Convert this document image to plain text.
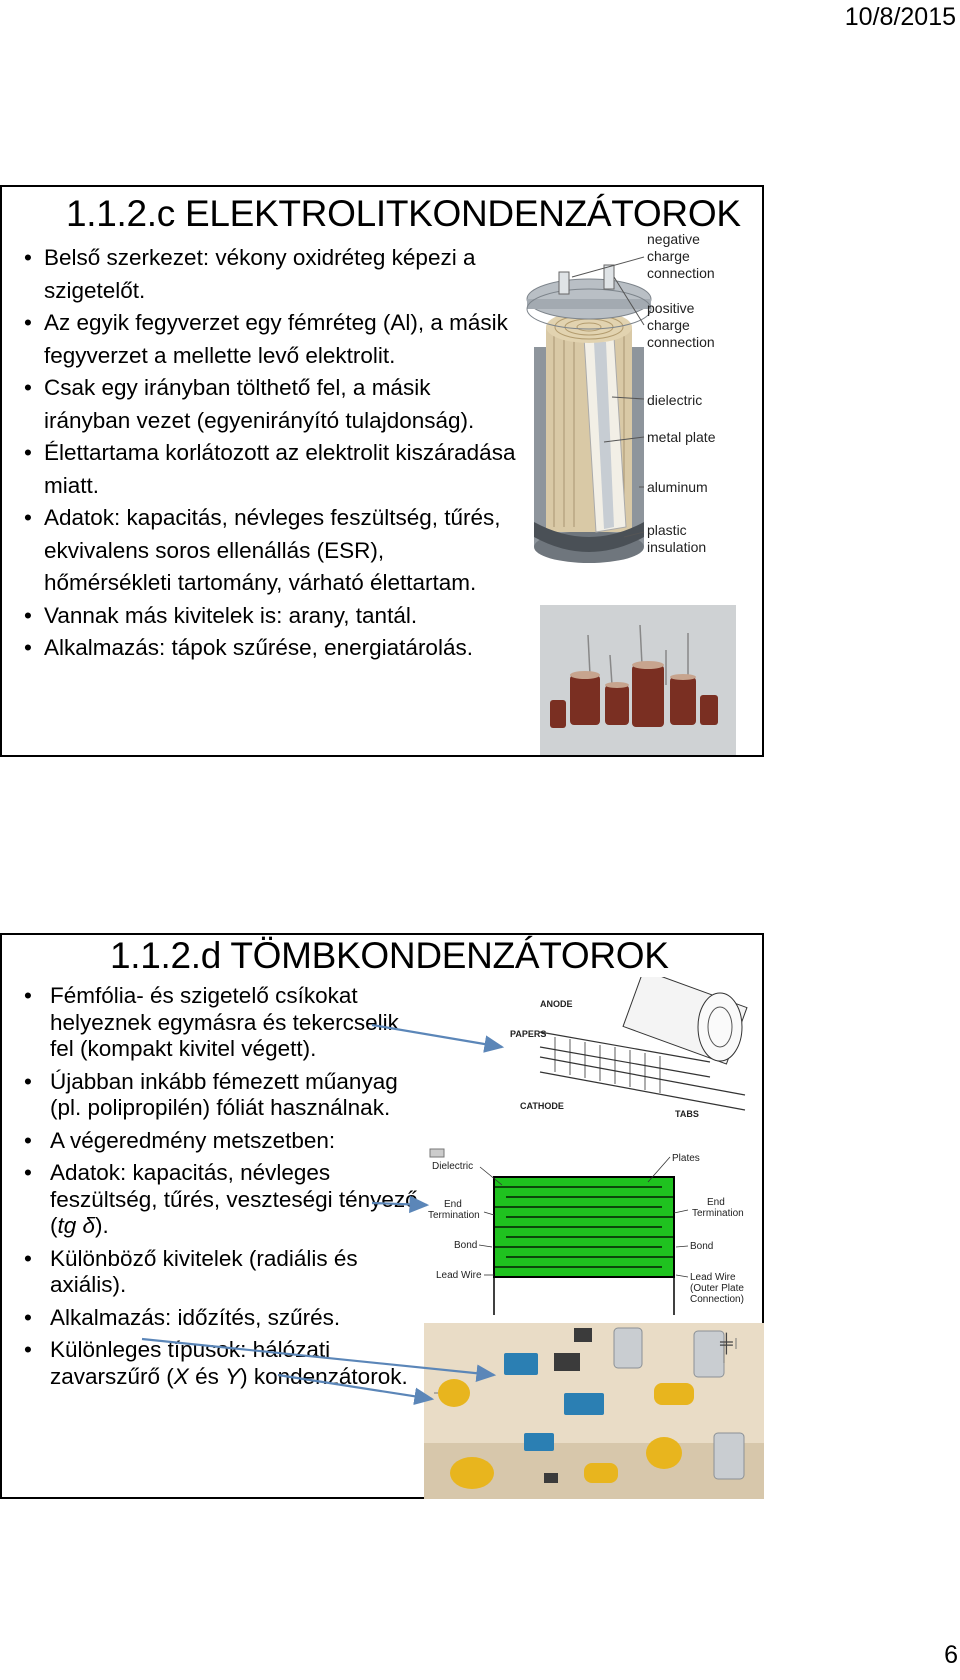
10/8/2015
1.1.2.c ELEKTROLITKONDENZÁTOROK
• Belső szerkezet: vékony oxidréteg képezi a szigetelőt.
• Az egyik fegyverzet egy fémréteg (Al), a másik fegyverzet a mellette levő elektrolit.
• Csak egy irányban tölthető fel, a másik irányban vezet (egyenirányító tulajdonság).
• Élettartama korlátozott az elektrolit kiszáradása miatt.
• Adatok: kapacitás, névleges feszültség, tűrés, ekvivalens soros ellenállás (ESR), hőmérsékleti tartomány, várható élettartam.
• Vannak más kivitelek is: arany, tantál.
• Alkalmazás: tápok szűrése, energiatárolás.
negative
charge
connection
positive
charge
connection
dielectric
metal plate
aluminum
plastic
insulation
1.1.2.d TÖMBKONDENZÁTOROK
• Fémfólia- és szigetelő csíkokat helyeznek egymásra és tekercselik fel (kompakt kivitel végett).
• Újabban inkább fémezett műanyag (pl. polipropilén) fóliát használnak.
• A végeredmény metszetben:
• Adatok: kapacitás, névleges feszültség, tűrés, veszteségi tényező (tg δ).
• Különböző kivitelek (radiális és axiális).
• Alkalmazás: időzítés, szűrés.
• Különleges típusok: hálózati zavarszűrő (X és Y) kondenzátorok.
ANODE
PAPERS
TABS
CATHODE
Dielectric
Plates
End
Termination
End
Termination
Bond	Bond
Lead Wire	Lead Wire
(Outer Plate
Connection)
╪
6
